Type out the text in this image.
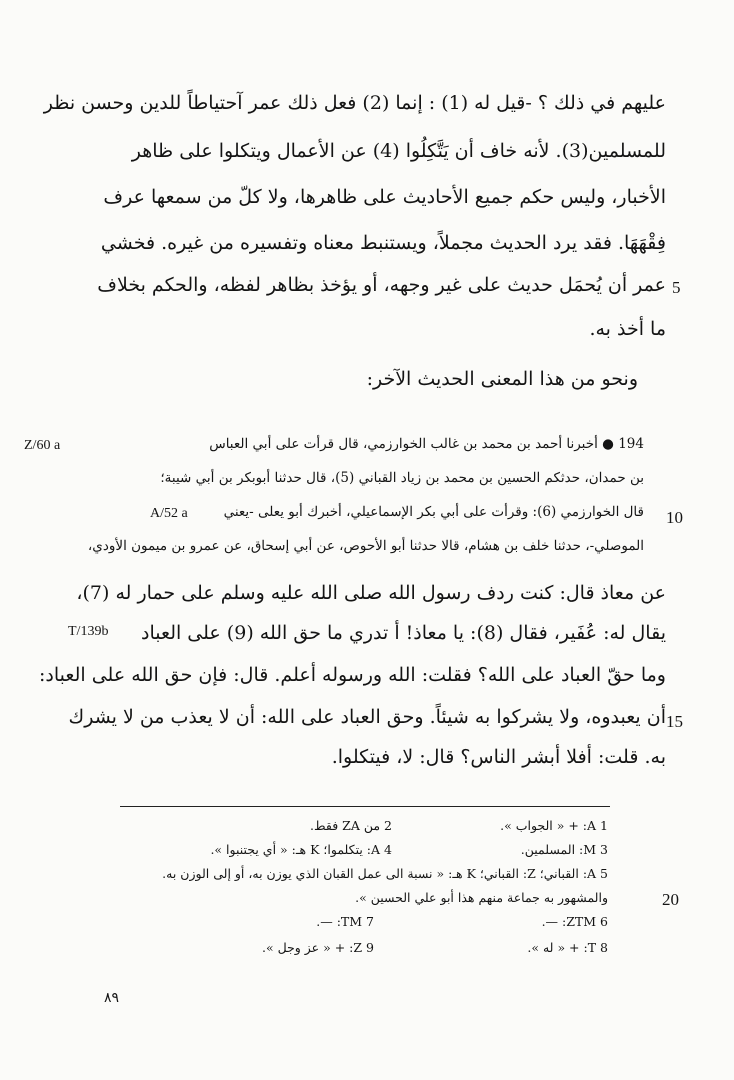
عليهم في ذلك ؟ -قيل له (1) : إنما (2) فعل ذلك عمر آحتياطاً للدين وحسن نظر
للمسلمين(3). لأنه خاف أن يَتَّكِلُوا (4) عن الأعمال ويتكلوا على ظاهر
الأخبار، وليس حكم جميع الأحاديث على ظاهرها، ولا كلّ من سمعها عرف
فِقْهَهَا. فقد يرد الحديث مجملاً، ويستنبط معناه وتفسيره من غيره. فخشي
عمر أن يُحمَل حديث على غير وجهه، أو يؤخذ بظاهر لفظه، والحكم بخلاف
ما أخذ به.
ونحو من هذا المعنى الحديث الآخر:
194 ● أخبرنا أحمد بن محمد بن غالب الخوارزمي، قال قرأت على أبي العباس
بن حمدان، حدثكم الحسين بن محمد بن زياد القباني (5)، قال حدثنا أبوبكر بن أبي شيبة؛
قال الخوارزمي (6): وقرأت على أبي بكر الإسماعيلي، أخبرك أبو يعلى -يعني
الموصلي-، حدثنا خلف بن هشام، قالا حدثنا أبو الأحوص، عن أبي إسحاق، عن عمرو بن ميمون الأودي،
عن معاذ قال: كنت ردف رسول الله صلى الله عليه وسلم على حمار له (7)،
يقال له: عُفَير، فقال (8): يا معاذ! أ تدري ما حق الله (9) على العباد
وما حقّ العباد على الله؟ فقلت: الله ورسوله أعلم. قال: فإن حق الله على العباد:
أن يعبدوه، ولا يشركوا به شيئاً. وحق العباد على الله: أن لا يعذب من لا يشرك
به. قلت: أفلا أبشر الناس؟ قال: لا، فيتكلوا.
Z/60 a
A/52 a
T/139b
5
10
15
20
1 A: + « الجواب ».
2 من ZA فقط.
3 M: المسلمين.
4 A: يتكلموا؛ K هـ: « أي يجتنبوا ».
5 A: القباني؛ Z: القباني؛ K هـ: « نسبة الى عمل القبان الذي يوزن به، أو إلى الوزن به.
والمشهور به جماعة منهم هذا أبو علي الحسين ».
6 ZTM: —.
7 TM: —.
8 T: + « له ».
9 Z: + « عز وجل ».
٨٩
